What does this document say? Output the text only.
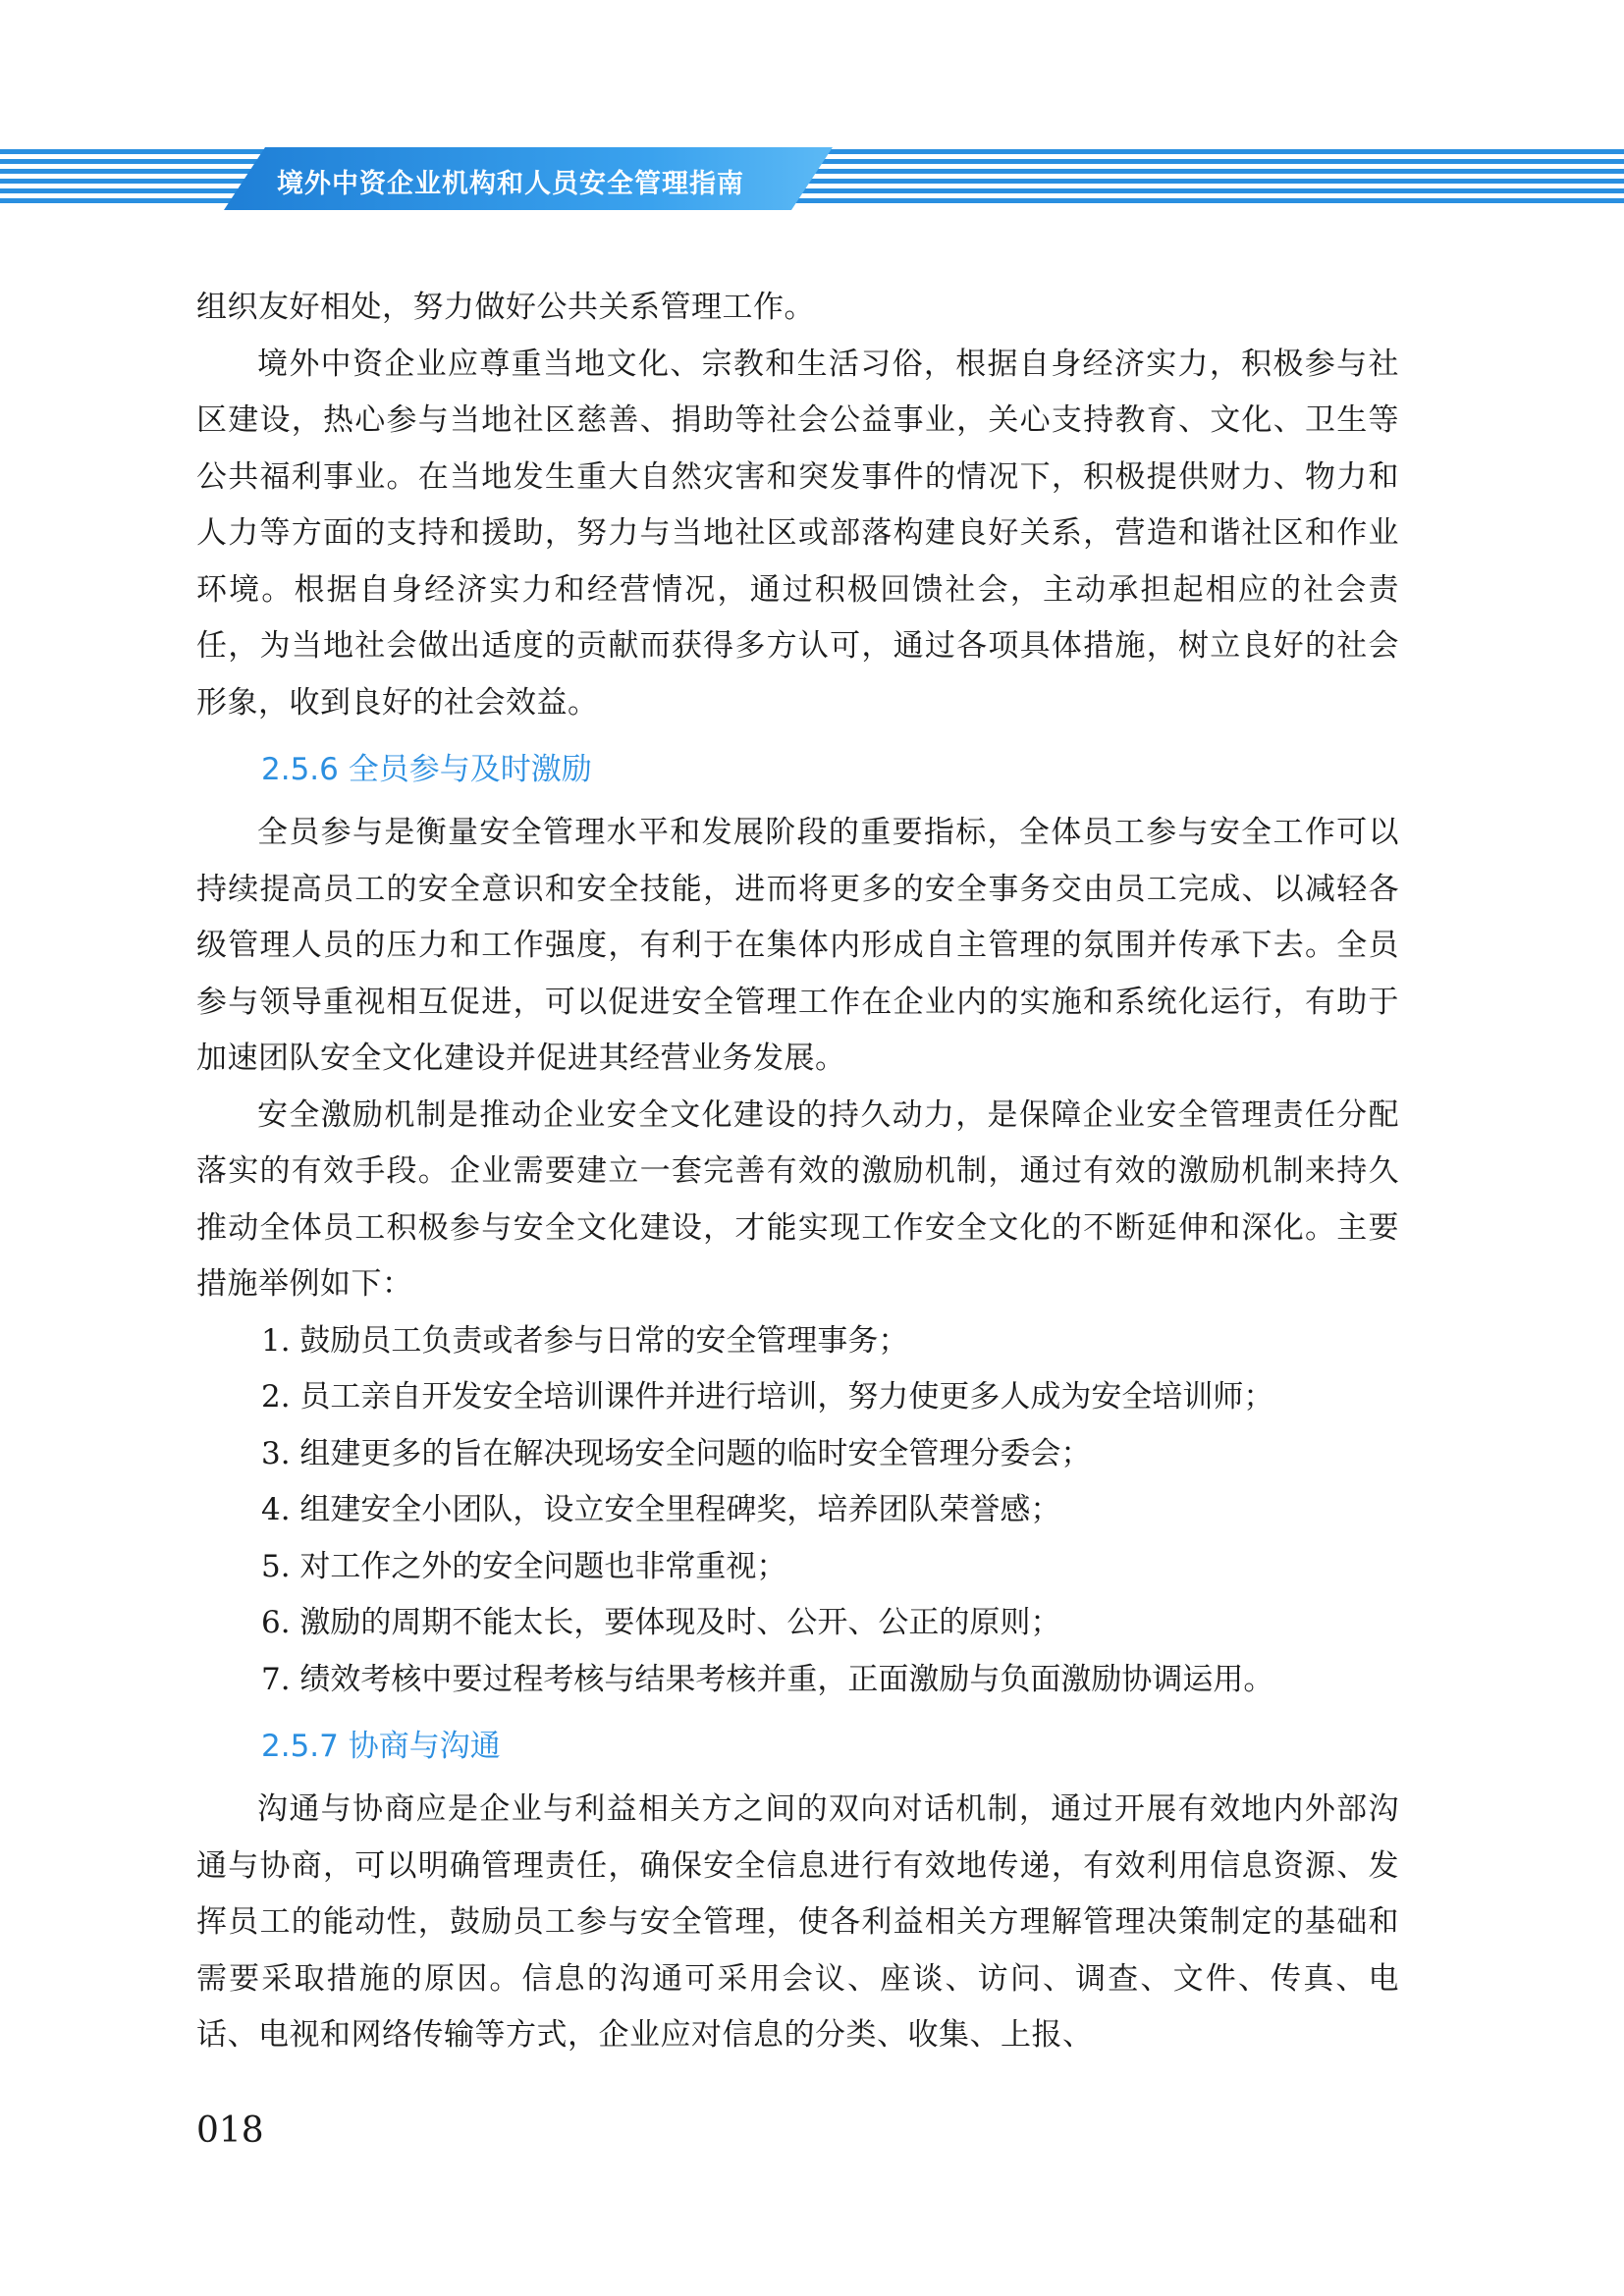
境外中资企业机构和人员安全管理指南

组织友好相处，努力做好公共关系管理工作。

境外中资企业应尊重当地文化、宗教和生活习俗，根据自身经济实力，积极参与社区建设，热心参与当地社区慈善、捐助等社会公益事业，关心支持教育、文化、卫生等公共福利事业。在当地发生重大自然灾害和突发事件的情况下，积极提供财力、物力和人力等方面的支持和援助，努力与当地社区或部落构建良好关系，营造和谐社区和作业环境。根据自身经济实力和经营情况，通过积极回馈社会，主动承担起相应的社会责任，为当地社会做出适度的贡献而获得多方认可，通过各项具体措施，树立良好的社会形象，收到良好的社会效益。

2.5.6 全员参与及时激励

全员参与是衡量安全管理水平和发展阶段的重要指标，全体员工参与安全工作可以持续提高员工的安全意识和安全技能，进而将更多的安全事务交由员工完成、以减轻各级管理人员的压力和工作强度，有利于在集体内形成自主管理的氛围并传承下去。全员参与领导重视相互促进，可以促进安全管理工作在企业内的实施和系统化运行，有助于加速团队安全文化建设并促进其经营业务发展。

安全激励机制是推动企业安全文化建设的持久动力，是保障企业安全管理责任分配落实的有效手段。企业需要建立一套完善有效的激励机制，通过有效的激励机制来持久推动全体员工积极参与安全文化建设，才能实现工作安全文化的不断延伸和深化。主要措施举例如下：

1. 鼓励员工负责或者参与日常的安全管理事务；
2. 员工亲自开发安全培训课件并进行培训，努力使更多人成为安全培训师；
3. 组建更多的旨在解决现场安全问题的临时安全管理分委会；
4. 组建安全小团队，设立安全里程碑奖，培养团队荣誉感；
5. 对工作之外的安全问题也非常重视；
6. 激励的周期不能太长，要体现及时、公开、公正的原则；
7. 绩效考核中要过程考核与结果考核并重，正面激励与负面激励协调运用。
2.5.7 协商与沟通

沟通与协商应是企业与利益相关方之间的双向对话机制，通过开展有效地内外部沟通与协商，可以明确管理责任，确保安全信息进行有效地传递，有效利用信息资源、发挥员工的能动性，鼓励员工参与安全管理，使各利益相关方理解管理决策制定的基础和需要采取措施的原因。信息的沟通可采用会议、座谈、访问、调查、文件、传真、电话、电视和网络传输等方式，企业应对信息的分类、收集、上报、

018
